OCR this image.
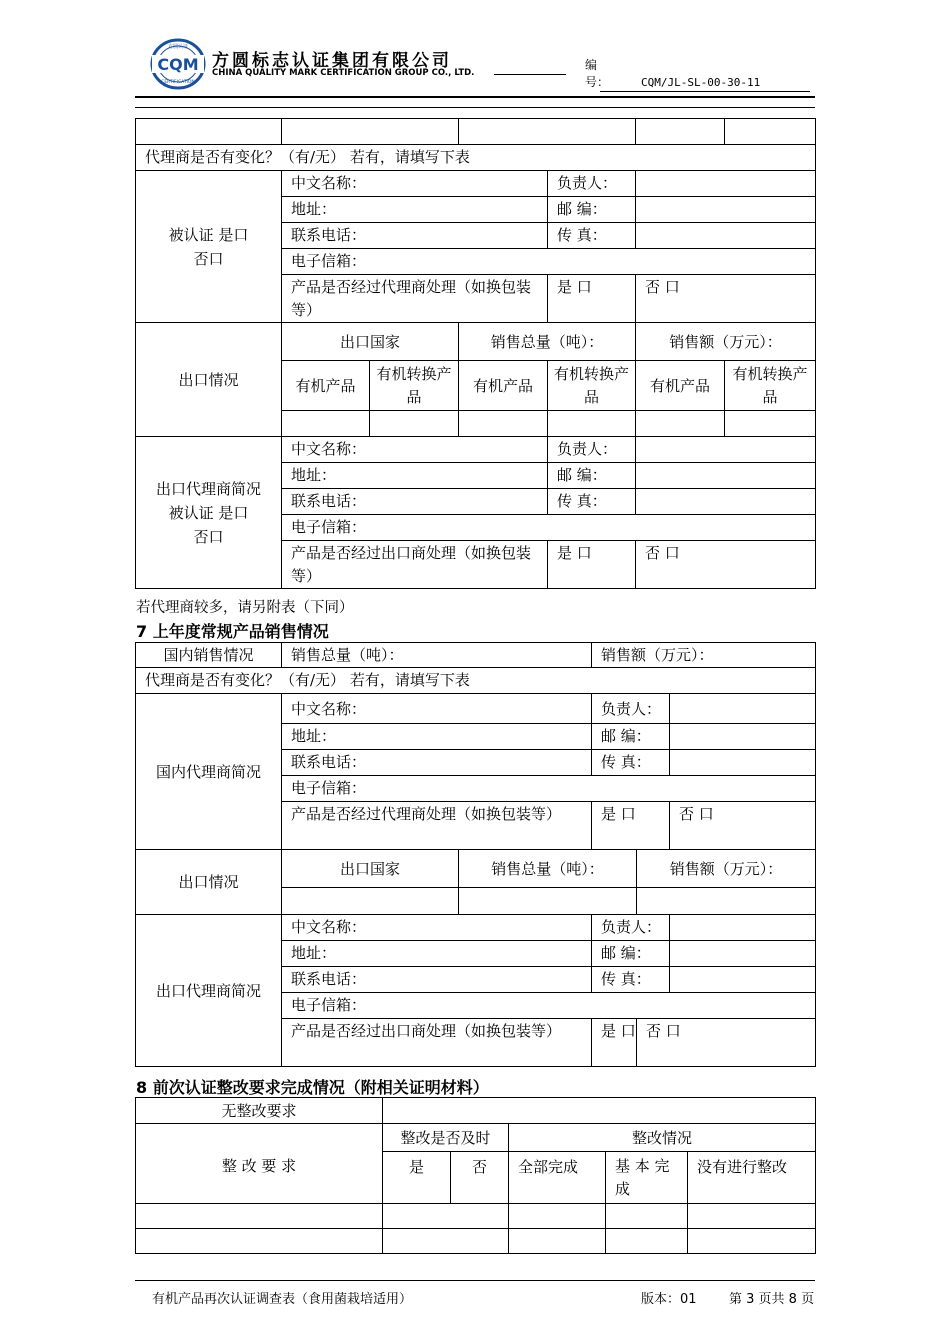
CQM
方圆认证
CERTIFICATION
方圆标志认证集团有限公司
CHINA QUALITY MARK CERTIFICATION GROUP CO., LTD.
编号：	CQM/JL-SL-00-30-11

代理商是否有变化？（有/无） 若有，请填写下表						
被认证 是口
否口	中文名称：			负责人：		
	地址：			邮 编：		
	联系电话：			传 真：		
	电子信箱：					
	产品是否经过代理商处理（如换包装等）			是 口	否 口	
出口情况	出口国家		销售总量（吨）：		销售额（万元）：	
	有机产品	有机转换产品	有机产品	有机转换产品	有机产品	有机转换产品

出口代理商简况
被认证 是口
否口	中文名称：			负责人：		
	地址：			邮 编：		
	联系电话：			传 真：		
	电子信箱：					
	产品是否经过出口商处理（如换包装等）			是 口	否 口	
若代理商较多，请另附表（下同）
7 上年度常规产品销售情况
国内销售情况	销售总量（吨）：		销售额（万元）：		
代理商是否有变化？（有/无） 若有，请填写下表					
国内代理商简况	中文名称：		负责人：		
	地址：		邮 编：		
	联系电话：		传 真：		
	电子信箱：				
	产品是否经过代理商处理（如换包装等）		是 口		否 口
出口情况	出口国家	销售总量（吨）：		销售额（万元）：	

出口代理商简况	中文名称：		负责人：		
	地址：		邮 编：		
	联系电话：		传 真：		
	电子信箱：				
	产品是否经过出口商处理（如换包装等）		是 口	否 口	
8 前次认证整改要求完成情况（附相关证明材料）
无整改要求					
整 改 要 求	整改是否及时		整改情况		
	是	否	全部完成	基 本 完 成	没有进行整改

有机产品再次认证调查表（食用菌栽培适用）	版本：01 第 3 页共 8 页
